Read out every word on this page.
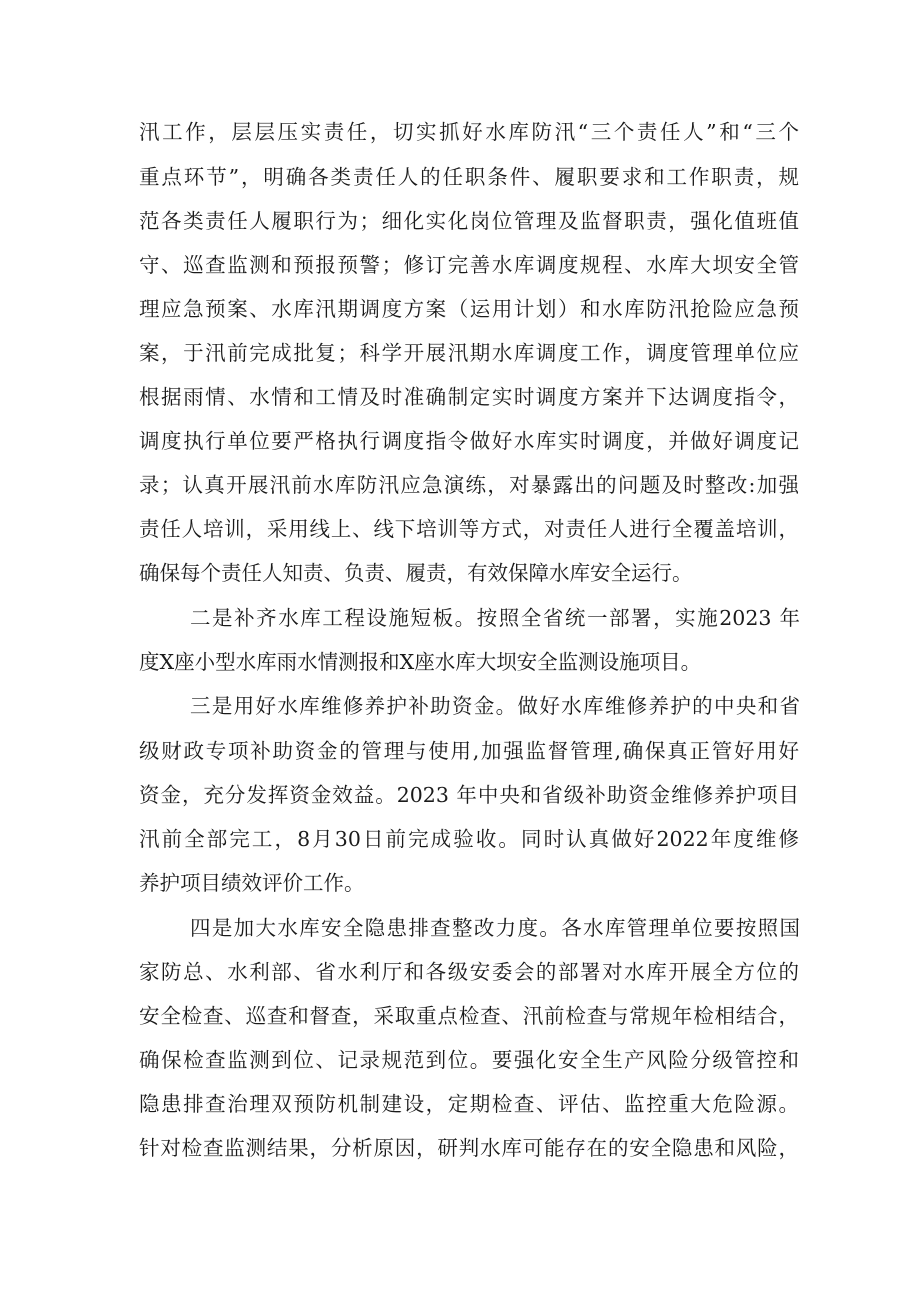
汛工作，层层压实责任，切实抓好水库防汛“三个责任人”和“三个
重点环节”，明确各类责任人的任职条件、履职要求和工作职责，规
范各类责任人履职行为；细化实化岗位管理及监督职责，强化值班值
守、巡查监测和预报预警；修订完善水库调度规程、水库大坝安全管
理应急预案、水库汛期调度方案（运用计划）和水库防汛抢险应急预
案，于汛前完成批复；科学开展汛期水库调度工作，调度管理单位应
根据雨情、水情和工情及时准确制定实时调度方案并下达调度指令，
调度执行单位要严格执行调度指令做好水库实时调度，并做好调度记
录；认真开展汛前水库防汛应急演练，对暴露出的问题及时整改:加强
责任人培训，采用线上、线下培训等方式，对责任人进行全覆盖培训，
确保每个责任人知责、负责、履责，有效保障水库安全运行。
二是补齐水库工程设施短板。按照全省统一部署，实施2023 年
度X座小型水库雨水情测报和X座水库大坝安全监测设施项目。
三是用好水库维修养护补助资金。做好水库维修养护的中央和省
级财政专项补助资金的管理与使用,加强监督管理,确保真正管好用好
资金，充分发挥资金效益。2023 年中央和省级补助资金维修养护项目
汛前全部完工，8月30日前完成验收。同时认真做好2022年度维修
养护项目绩效评价工作。
四是加大水库安全隐患排查整改力度。各水库管理单位要按照国
家防总、水利部、省水利厅和各级安委会的部署对水库开展全方位的
安全检查、巡查和督查，采取重点检查、汛前检查与常规年检相结合，
确保检查监测到位、记录规范到位。要强化安全生产风险分级管控和
隐患排查治理双预防机制建设，定期检查、评估、监控重大危险源。
针对检查监测结果，分析原因，研判水库可能存在的安全隐患和风险，
